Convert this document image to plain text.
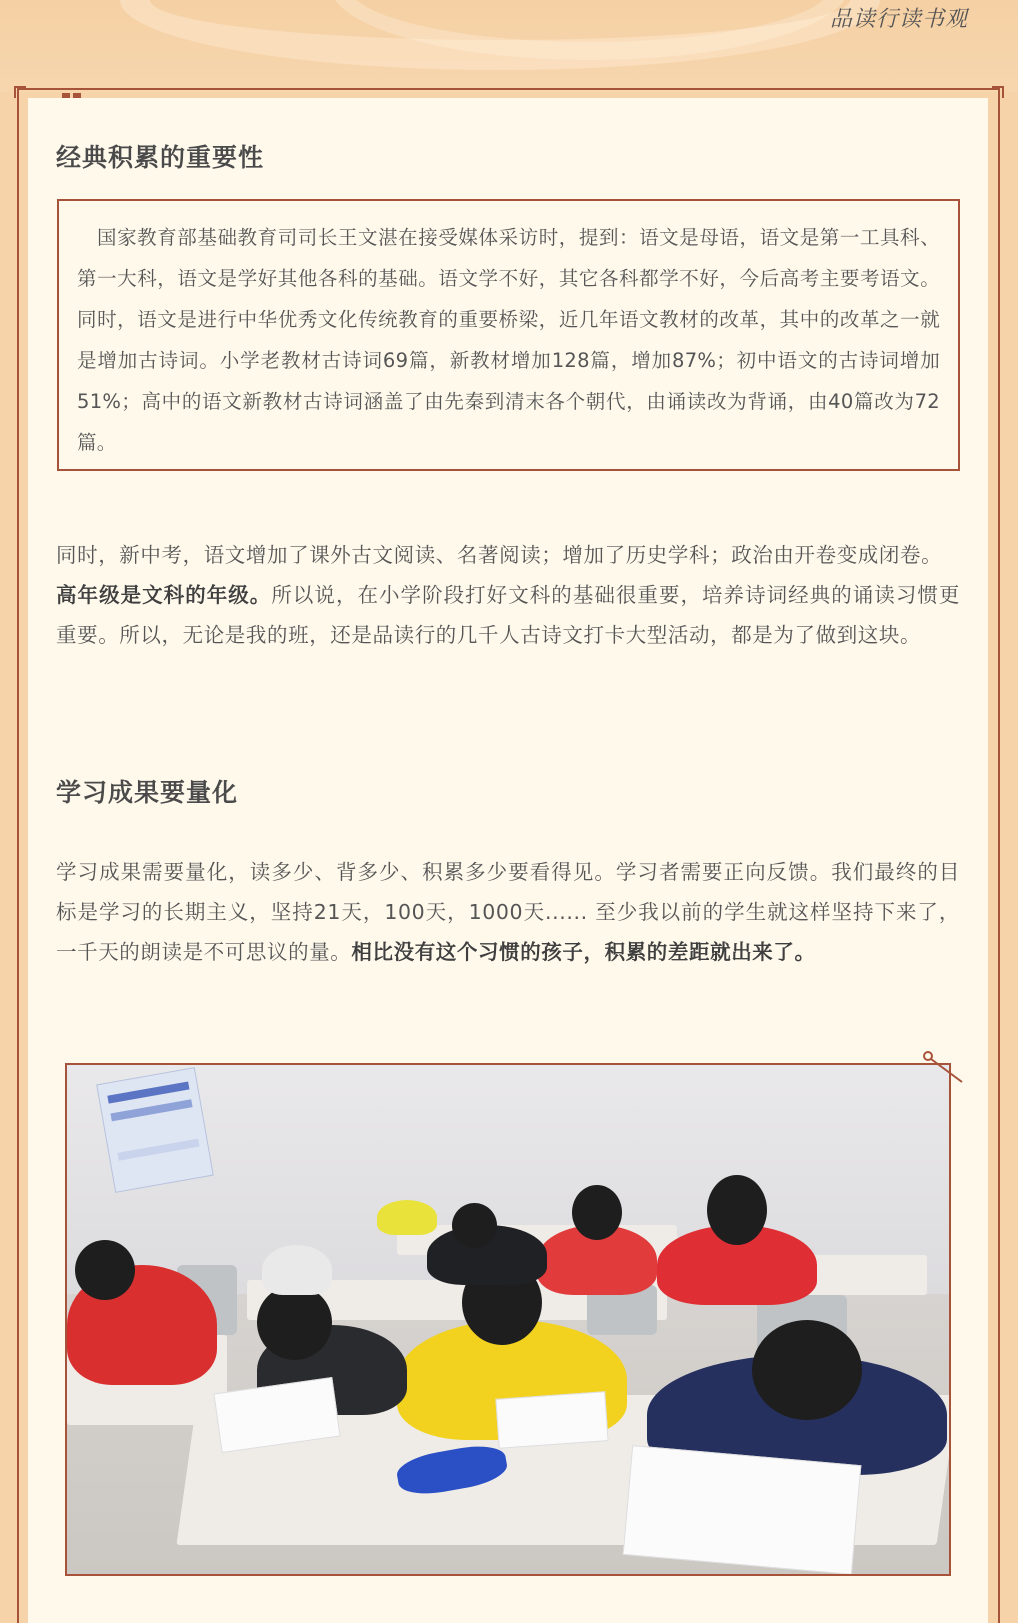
品读行读书观
经典积累的重要性
国家教育部基础教育司司长王文湛在接受媒体采访时，提到：语文是母语，语文是第一工具科、第一大科，语文是学好其他各科的基础。语文学不好，其它各科都学不好，今后高考主要考语文。同时，语文是进行中华优秀文化传统教育的重要桥梁，近几年语文教材的改革，其中的改革之一就是增加古诗词。小学老教材古诗词69篇，新教材增加128篇，增加87%；初中语文的古诗词增加51%；高中的语文新教材古诗词涵盖了由先秦到清末各个朝代，由诵读改为背诵，由40篇改为72篇。
同时，新中考，语文增加了课外古文阅读、名著阅读；增加了历史学科；政治由开卷变成闭卷。
高年级是文科的年级。所以说，在小学阶段打好文科的基础很重要，培养诗词经典的诵读习惯更重要。所以，无论是我的班，还是品读行的几千人古诗文打卡大型活动，都是为了做到这块。
学习成果要量化
学习成果需要量化，读多少、背多少、积累多少要看得见。学习者需要正向反馈。我们最终的目标是学习的长期主义，坚持21天，100天，1000天...... 至少我以前的学生就这样坚持下来了，一千天的朗读是不可思议的量。相比没有这个习惯的孩子，积累的差距就出来了。
